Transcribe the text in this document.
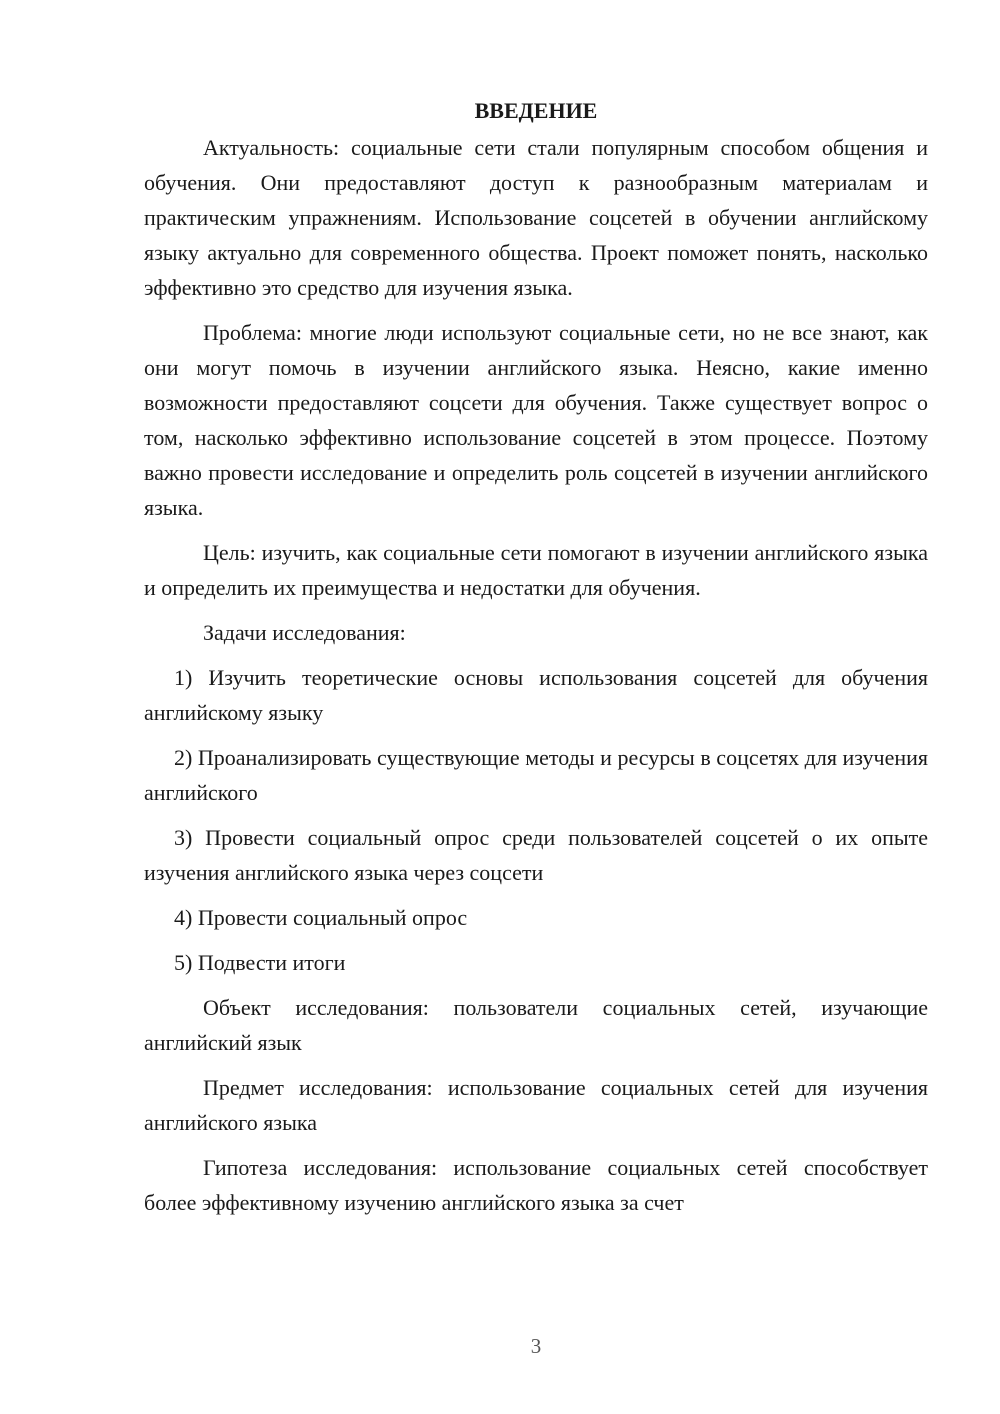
ВВЕДЕНИЕ

Актуальность: социальные сети стали популярным способом общения и обучения. Они предоставляют доступ к разнообразным материалам и практическим упражнениям. Использование соцсетей в обучении английскому языку актуально для современного общества. Проект поможет понять, насколько эффективно это средство для изучения языка.

Проблема: многие люди используют социальные сети, но не все знают, как они могут помочь в изучении английского языка. Неясно, какие именно возможности предоставляют соцсети для обучения. Также существует вопрос о том, насколько эффективно использование соцсетей в этом процессе. Поэтому важно провести исследование и определить роль соцсетей в изучении английского языка.

Цель: изучить, как социальные сети помогают в изучении английского языка и определить их преимущества и недостатки для обучения.

Задачи исследования:

1) Изучить теоретические основы использования соцсетей для обучения английскому языку

2) Проанализировать существующие методы и ресурсы в соцсетях для изучения английского

3) Провести социальный опрос среди пользователей соцсетей о их опыте изучения английского языка через соцсети

4) Провести социальный опрос

5) Подвести итоги

Объект исследования: пользователи социальных сетей, изучающие английский язык

Предмет исследования: использование социальных сетей для изучения английского языка

Гипотеза исследования: использование социальных сетей способствует более эффективному изучению английского языка за счет

3
